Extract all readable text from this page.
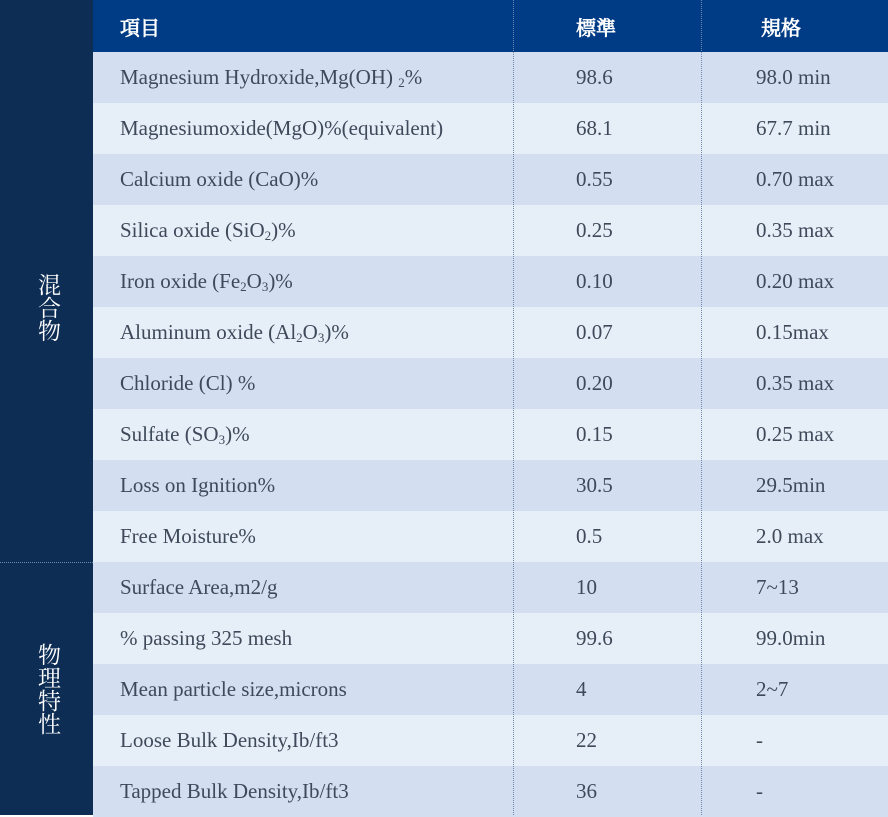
混合物
物理特性
項目	標準	規格
Magnesium Hydroxide,Mg(OH) $_2$%	98.6	98.0 min
Magnesiumoxide(MgO)%(equivalent)	68.1	67.7 min
Calcium oxide (CaO)%	0.55	0.70 max
Silica oxide (SiO$_2$)%	0.25	0.35 max
Iron oxide $(Fe_2O_3)\%$	0.10	0.20 max
Aluminum oxide $(Al_2O_3)\%$	0.07	0.15max
Chloride (Cl) %	0.20	0.35 max
Sulfate $(SO_3)\%$	0.15	0.25 max
Loss on Ignition%	30.5	29.5min
Free Moisture%	0.5	2.0 max
Surface Area,m2/g	10	7~13
% passing 325 mesh	99.6	99.0min
Mean particle size,microns	4	2~7
Loose Bulk Density,Ib/ft3	22	-
Tapped Bulk Density,Ib/ft3	36	-
